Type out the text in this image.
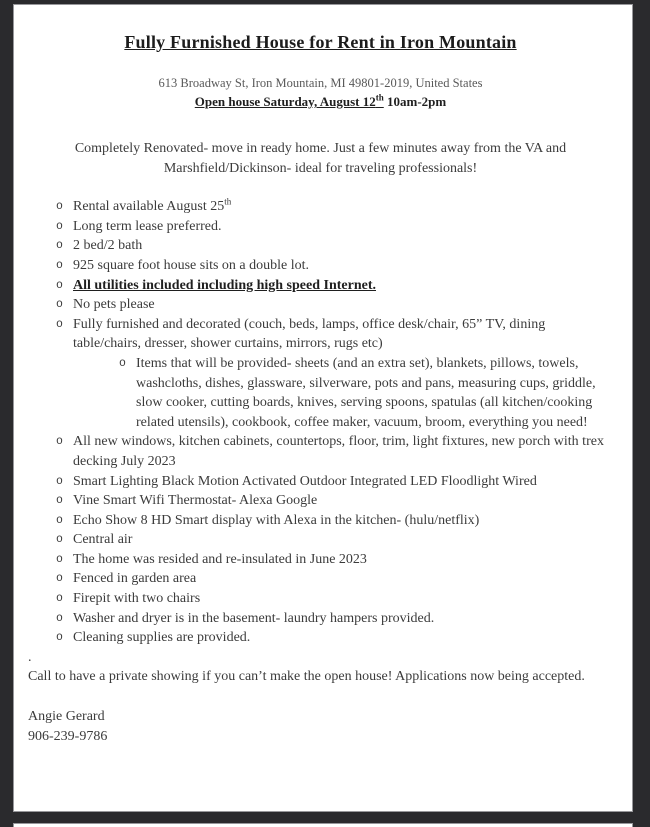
Fully Furnished House for Rent in Iron Mountain
613 Broadway St, Iron Mountain, MI 49801-2019, United States
Open house Saturday, August 12th 10am-2pm

Completely Renovated- move in ready home. Just a few minutes away from the VA and Marshfield/Dickinson- ideal for traveling professionals!

o Rental available August 25th
o Long term lease preferred.
o 2 bed/2 bath
o 925 square foot house sits on a double lot.
o All utilities included including high speed Internet.
o No pets please
o Fully furnished and decorated (couch, beds, lamps, office desk/chair, 65” TV, dining table/chairs, dresser, shower curtains, mirrors, rugs etc)
o Items that will be provided- sheets (and an extra set), blankets, pillows, towels, washcloths, dishes, glassware, silverware, pots and pans, measuring cups, griddle, slow cooker, cutting boards, knives, serving spoons, spatulas (all kitchen/cooking related utensils), cookbook, coffee maker, vacuum, broom, everything you need!
o All new windows, kitchen cabinets, countertops, floor, trim, light fixtures, new porch with trex decking July 2023
o Smart Lighting Black Motion Activated Outdoor Integrated LED Floodlight Wired
o Vine Smart Wifi Thermostat- Alexa Google
o Echo Show 8 HD Smart display with Alexa in the kitchen- (hulu/netflix)
o Central air
o The home was resided and re-insulated in June 2023
o Fenced in garden area
o Firepit with two chairs
o Washer and dryer is in the basement- laundry hampers provided.
o Cleaning supplies are provided.
.

Call to have a private showing if you can’t make the open house! Applications now being accepted.

Angie Gerard
906-239-9786
